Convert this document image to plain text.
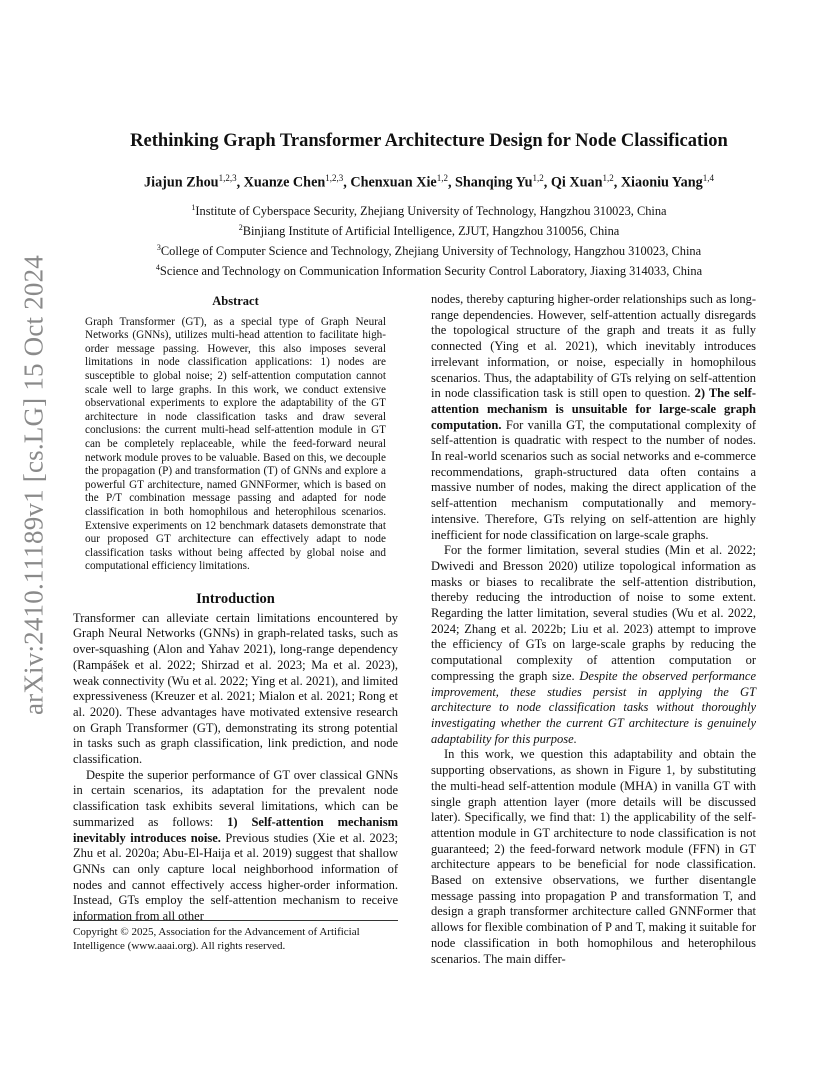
arXiv:2410.11189v1 [cs.LG] 15 Oct 2024
Rethinking Graph Transformer Architecture Design for Node Classification
Jiajun Zhou$^{1,2,3}$, Xuanze Chen$^{1,2,3}$, Chenxuan Xie$^{1,2}$, Shanqing Yu$^{1,2}$, Qi Xuan$^{1,2}$, Xiaoniu Yang$^{1,4}$
$^1$Institute of Cyberspace Security, Zhejiang University of Technology, Hangzhou 310023, China
$^2$Binjiang Institute of Artificial Intelligence, ZJUT, Hangzhou 310056, China
$^3$College of Computer Science and Technology, Zhejiang University of Technology, Hangzhou 310023, China
$^4$Science and Technology on Communication Information Security Control Laboratory, Jiaxing 314033, China
Abstract

Graph Transformer (GT), as a special type of Graph Neural Networks (GNNs), utilizes multi-head attention to facilitate high-order message passing. However, this also imposes several limitations in node classification applications: 1) nodes are susceptible to global noise; 2) self-attention computation cannot scale well to large graphs. In this work, we conduct extensive observational experiments to explore the adaptability of the GT architecture in node classification tasks and draw several conclusions: the current multi-head self-attention module in GT can be completely replaceable, while the feed-forward neural network module proves to be valuable. Based on this, we decouple the propagation (P) and transformation (T) of GNNs and explore a powerful GT architecture, named GNNFormer, which is based on the P/T combination message passing and adapted for node classification in both homophilous and heterophilous scenarios. Extensive experiments on 12 benchmark datasets demonstrate that our proposed GT architecture can effectively adapt to node classification tasks without being affected by global noise and computational efficiency limitations.

Introduction

Transformer can alleviate certain limitations encountered by Graph Neural Networks (GNNs) in graph-related tasks, such as over-squashing (Alon and Yahav 2021), long-range dependency (Rampášek et al. 2022; Shirzad et al. 2023; Ma et al. 2023), weak connectivity (Wu et al. 2022; Ying et al. 2021), and limited expressiveness (Kreuzer et al. 2021; Mialon et al. 2021; Rong et al. 2020). These advantages have motivated extensive research on Graph Transformer (GT), demonstrating its strong potential in tasks such as graph classification, link prediction, and node classification.

Despite the superior performance of GT over classical GNNs in certain scenarios, its adaptation for the prevalent node classification task exhibits several limitations, which can be summarized as follows: 1) Self-attention mechanism inevitably introduces noise. Previous studies (Xie et al. 2023; Zhu et al. 2020a; Abu-El-Haija et al. 2019) suggest that shallow GNNs can only capture local neighborhood information of nodes and cannot effectively access higher-order information. Instead, GTs employ the self-attention mechanism to receive information from all other

Copyright © 2025, Association for the Advancement of Artificial Intelligence (www.aaai.org). All rights reserved.

nodes, thereby capturing higher-order relationships such as long-range dependencies. However, self-attention actually disregards the topological structure of the graph and treats it as fully connected (Ying et al. 2021), which inevitably introduces irrelevant information, or noise, especially in homophilous scenarios. Thus, the adaptability of GTs relying on self-attention in node classification task is still open to question. 2) The self-attention mechanism is unsuitable for large-scale graph computation. For vanilla GT, the computational complexity of self-attention is quadratic with respect to the number of nodes. In real-world scenarios such as social networks and e-commerce recommendations, graph-structured data often contains a massive number of nodes, making the direct application of the self-attention mechanism computationally and memory-intensive. Therefore, GTs relying on self-attention are highly inefficient for node classification on large-scale graphs.

For the former limitation, several studies (Min et al. 2022; Dwivedi and Bresson 2020) utilize topological information as masks or biases to recalibrate the self-attention distribution, thereby reducing the introduction of noise to some extent. Regarding the latter limitation, several studies (Wu et al. 2022, 2024; Zhang et al. 2022b; Liu et al. 2023) attempt to improve the efficiency of GTs on large-scale graphs by reducing the computational complexity of attention computation or compressing the graph size. Despite the observed performance improvement, these studies persist in applying the GT architecture to node classification tasks without thoroughly investigating whether the current GT architecture is genuinely adaptability for this purpose.

In this work, we question this adaptability and obtain the supporting observations, as shown in Figure 1, by substituting the multi-head self-attention module (MHA) in vanilla GT with single graph attention layer (more details will be discussed later). Specifically, we find that: 1) the applicability of the self-attention module in GT architecture to node classification is not guaranteed; 2) the feed-forward network module (FFN) in GT architecture appears to be beneficial for node classification. Based on extensive observations, we further disentangle message passing into propagation P and transformation T, and design a graph transformer architecture called GNNFormer that allows for flexible combination of P and T, making it suitable for node classification in both homophilous and heterophilous scenarios. The main differ-
